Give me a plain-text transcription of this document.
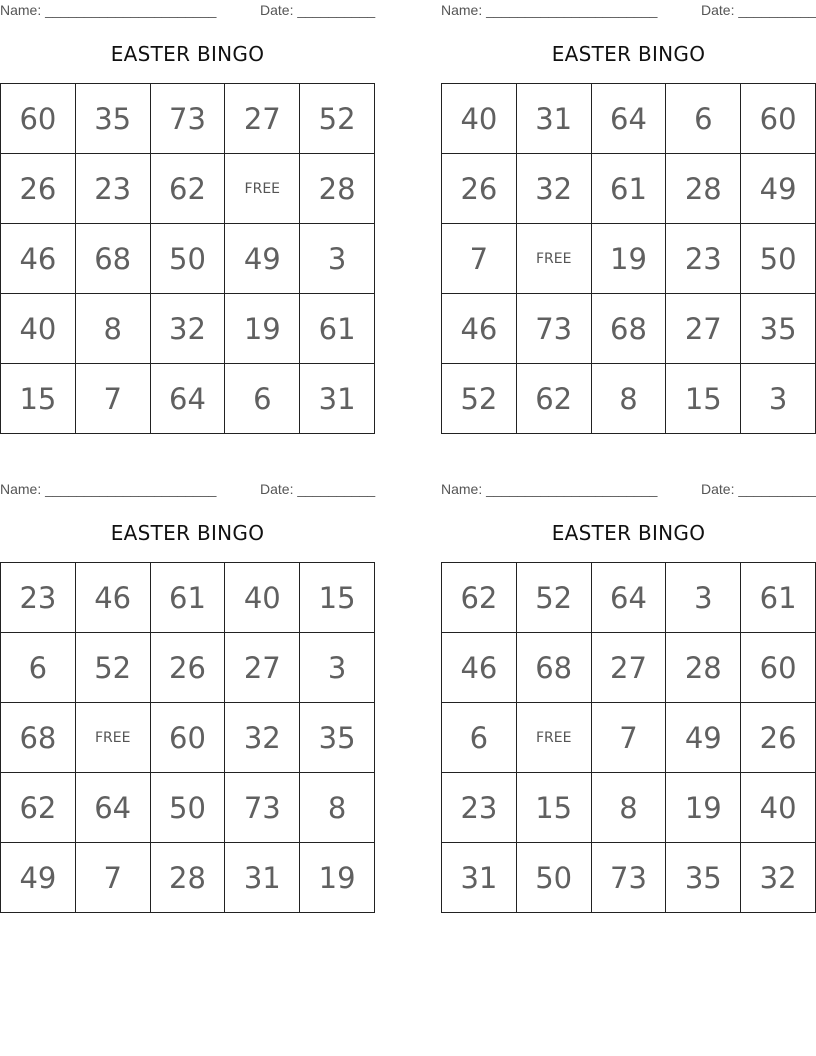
Name: ______________________	Date: __________
EASTER BINGO
60	35	73	27	52
26	23	62	FREE	28
46	68	50	49	3
40	8	32	19	61
15	7	64	6	31
Name: ______________________	Date: __________
EASTER BINGO
40	31	64	6	60
26	32	61	28	49
7	FREE	19	23	50
46	73	68	27	35
52	62	8	15	3
Name: ______________________	Date: __________
EASTER BINGO
23	46	61	40	15
6	52	26	27	3
68	FREE	60	32	35
62	64	50	73	8
49	7	28	31	19
Name: ______________________	Date: __________
EASTER BINGO
62	52	64	3	61
46	68	27	28	60
6	FREE	7	49	26
23	15	8	19	40
31	50	73	35	32
